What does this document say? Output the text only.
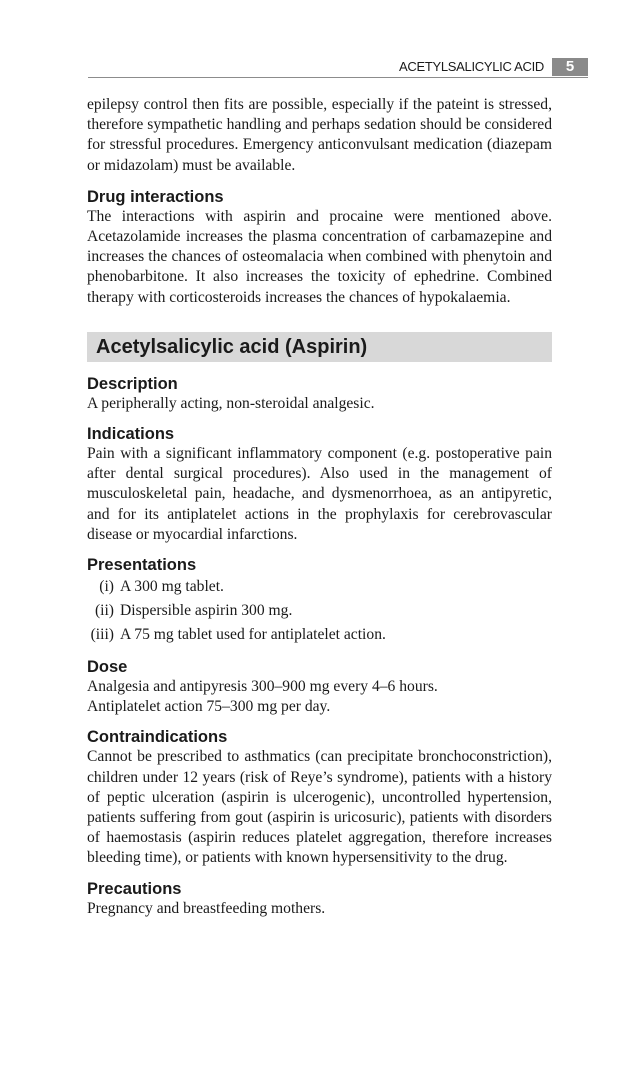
ACETYLSALICYLIC ACID	5

epilepsy control then fits are possible, especially if the pateint is stressed, therefore sympathetic handling and perhaps sedation should be considered for stressful procedures. Emergency anticonvulsant medication (diazepam or midazolam) must be available.

Drug interactions

The interactions with aspirin and procaine were mentioned above. Acetazolamide increases the plasma concentration of carbamazepine and increases the chances of osteomalacia when combined with phenytoin and phenobarbitone. It also increases the toxicity of ephedrine. Combined therapy with corticosteroids increases the chances of hypokalaemia.

Acetylsalicylic acid (Aspirin)
Description

A peripherally acting, non-steroidal analgesic.

Indications

Pain with a significant inflammatory component (e.g. postoperative pain after dental surgical procedures). Also used in the management of musculoskeletal pain, headache, and dysmenorrhoea, as an antipyretic, and for its antiplatelet actions in the prophylaxis for cerebrovascular disease or myocardial infarctions.

Presentations
(i) A 300 mg tablet.
(ii) Dispersible aspirin 300 mg.
(iii) A 75 mg tablet used for antiplatelet action.
Dose
Analgesia and antipyresis 300–900 mg every 4–6 hours.
Antiplatelet action 75–300 mg per day.
Contraindications

Cannot be prescribed to asthmatics (can precipitate bronchoconstriction), children under 12 years (risk of Reye’s syndrome), patients with a history of peptic ulceration (aspirin is ulcerogenic), uncontrolled hypertension, patients suffering from gout (aspirin is uricosuric), patients with disorders of haemostasis (aspirin reduces platelet aggregation, therefore increases bleeding time), or patients with known hypersensitivity to the drug.

Precautions

Pregnancy and breastfeeding mothers.
